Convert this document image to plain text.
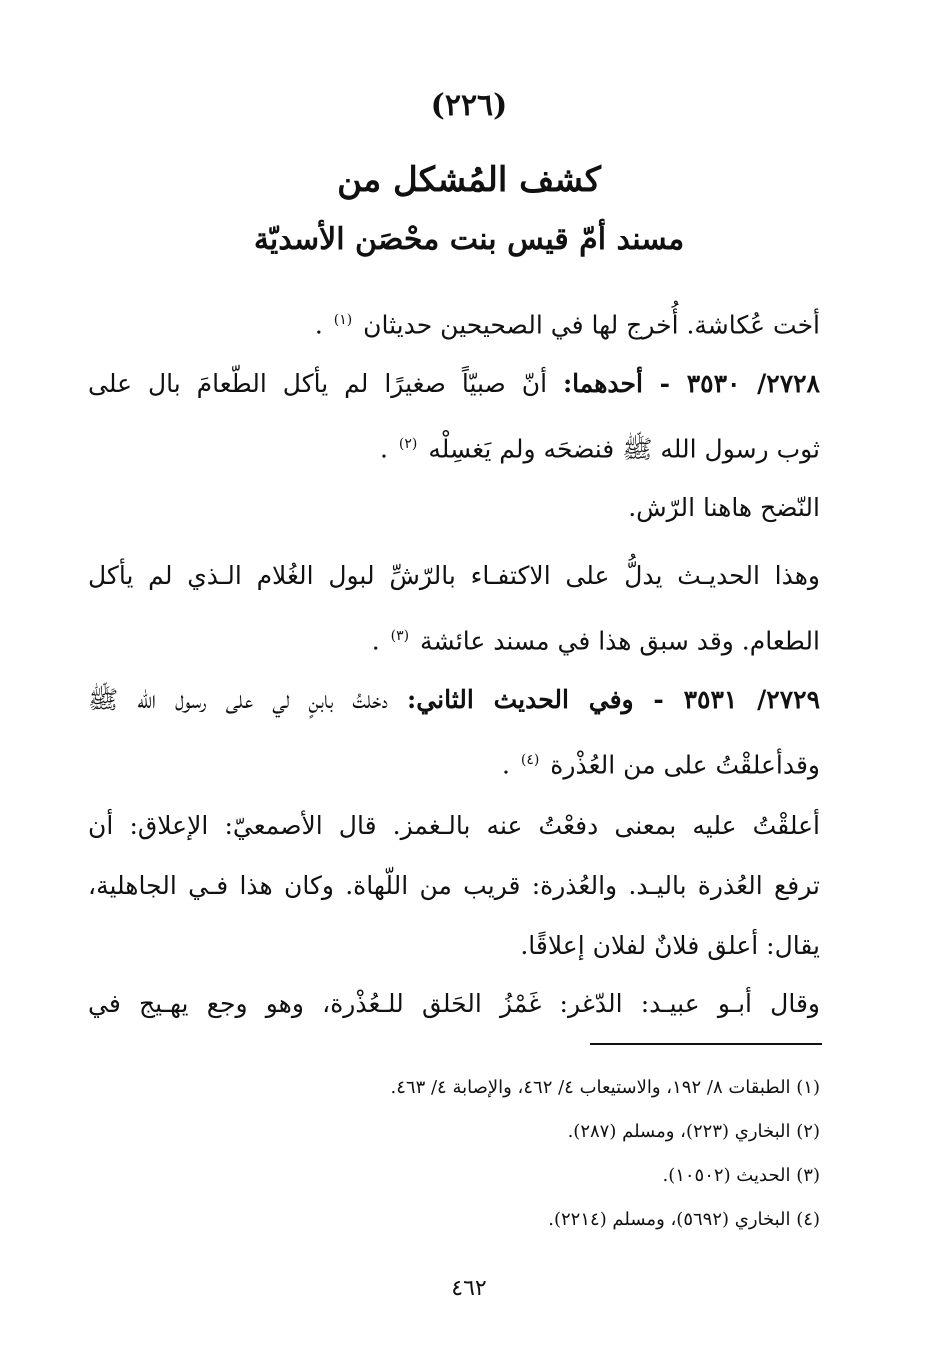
(٢٢٦)
كشف المُشكل من
مسند أمّ قيس بنت محْصَن الأسديّة
أخت عُكاشة. أُخرج لها في الصحيحين حديثان $^{(١)}$ .
٢٧٢٨/ ٣٥٣٠ - أحدهما: أنّ صبيّاً صغيرًا لم يأكل الطّعامَ بال على
ثوب رسول الله ﷺ فنضحَه ولم يَغسِلْه $^{(٢)}$ .
النّضح هاهنا الرّش.
وهذا الحديـث يدلُّ على الاكتفـاء بالرّشِّ لبول الغُلام الـذي لم يأكل
الطعام. وقد سبق هذا في مسند عائشة $^{(٣)}$ .
٢٧٢٩/ ٣٥٣١ - وفي الحديث الثاني: دخلتُ بابنٍ لي على رسول الله ﷺ
وقدأعلقْتُ على من العُذْرة $^{(٤)}$ .
أعلقْتُ عليه بمعنى دفعْتُ عنه بالـغمز. قال الأصمعيّ: الإعلاق: أن
ترفع العُذرة باليـد. والعُذرة: قريب من اللّهاة. وكان هذا فـي الجاهلية،
يقال: أعلق فلانٌ لفلان إعلاقًا.
وقال أبـو عبيـد: الدّغر: غَمْزُ الحَلق للـعُذْرة، وهو وجع يهـيج في
(١) الطبقات ٨/ ١٩٢، والاستيعاب ٤/ ٤٦٢، والإصابة ٤/ ٤٦٣.
(٢) البخاري (٢٢٣)، ومسلم (٢٨٧).
(٣) الحديث (١٠٥٠٢).
(٤) البخاري (٥٦٩٢)، ومسلم (٢٢١٤).
٤٦٢
